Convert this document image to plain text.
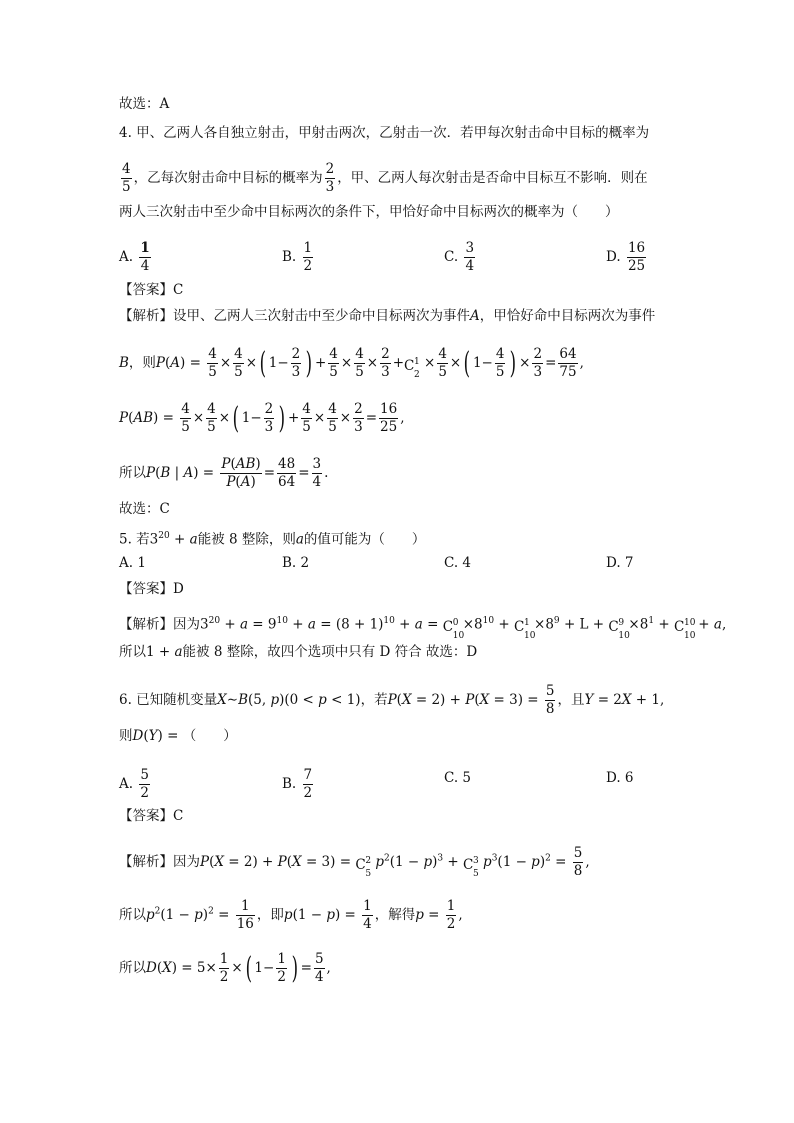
故选：A
4. 甲、乙两人各自独立射击，甲射击两次，乙射击一次．若甲每次射击命中目标的概率为
$\frac{4}{5}$ ，乙每次射击命中目标的概率为 $\frac{2}{3}$ ，甲、乙两人每次射击是否命中目标互不影响．则在
两人三次射击中至少命中目标两次的条件下，甲恰好命中目标两次的概率为（　　）
A. $\frac{1}{4}$	B. $\frac{1}{2}$	C. $\frac{3}{4}$	D. $\frac{16}{25}$
【答案】C
【解析】设甲、乙两人三次射击中至少命中目标两次为事件A，甲恰好命中目标两次为事件
B，则$P(A) = \frac{4}{5} \times \frac{4}{5}$ ×( $1- \frac{2}{3}$ ) + $\frac{4}{5} \times \frac{4}{5} \times \frac{2}{3} + C$ 1
2
× $\frac{4}{5}$ ×( $1- \frac{4}{5}$ ) × $\frac{2}{3} = \frac{64}{75}$ ,
$P(AB) = \frac{4}{5} \times \frac{4}{5}$ ×( $1- \frac{2}{3}$ ) + $\frac{4}{5} \times \frac{4}{5} \times \frac{2}{3} = \frac{16}{25}$ ,
所以P(B | $A) = \frac{P(AB)}{P(A)} = \frac{48}{64} = \frac{3}{4}$ .
故选：C
5. 若$3^{20} + a$能被 8 整除，则a的值可能为（　　）
A. 1	B. 2	C. 4	D. 7
【答案】D
【解析】因为$3^{20} + a = 9^{10} + a = (8 + 1)^{10} + a = C$ 0
10
$\times 8^{10} + C$ 1
10
$\times 8^9 + L + C$ 9
10
$\times 8^1 + C$ 10
10
+ a,
所以1 + a能被 8 整除，故四个选项中只有 D 符合 故选：D
6. 已知随机变量X∼B(5, p)(0 < p < 1)，若$P(X = 2) + P(X = 3) = \frac{5}{8}$ ，且Y = 2X + 1,
则D(Y) = （　　）
A. $\frac{5}{2}$	B. $\frac{7}{2}$	C. 5	D. 6
【答案】C
【解析】因为P(X = 2) + P(X = 3) = C 2
5
$p^2(1 - p)^3 + C$ 3
5
$p^3(1 - p)^2 = \frac{5}{8}$ ,
所以$p^2(1 - p)^2 = \frac{1}{16}$ ，即$p(1 - p) = \frac{1}{4}$ ，解得$p = \frac{1}{2}$ ,
所以$D(X) = 5\times \frac{1}{2}$ ×( $1- \frac{1}{2}$ ) = $\frac{5}{4}$ ,
